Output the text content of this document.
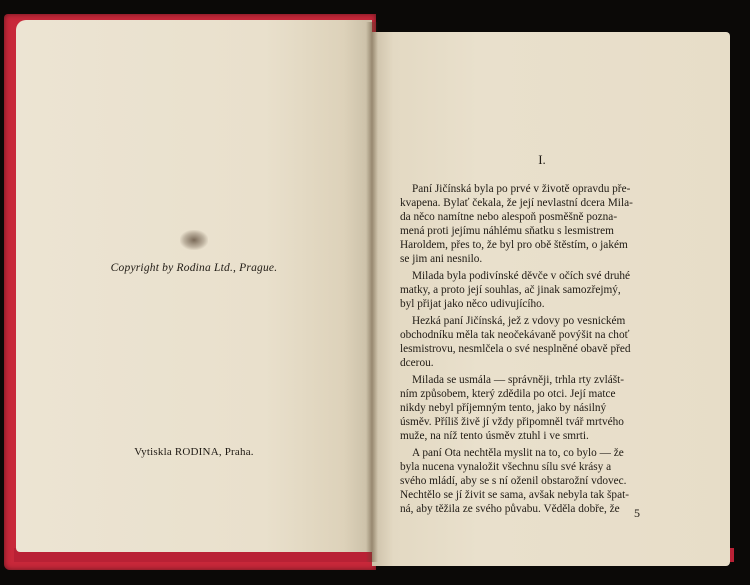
Copyright by Rodina Ltd., Prague.
Vytiskla RODINA, Praha.
I.
Paní Jičínská byla po prvé v životě opravdu pře-
kvapena. Bylať čekala, že její nevlastní dcera Mila-
da něco namítne nebo alespoň posměšně pozna-
mená proti jejímu náhlému sňatku s lesmistrem
Haroldem, přes to, že byl pro obě štěstím, o jakém
se jim ani nesnilo.
Milada byla podivínské děvče v očích své druhé
matky, a proto její souhlas, ač jinak samozřejmý,
byl přijat jako něco udivujícího.
Hezká paní Jičínská, jež z vdovy po vesnickém
obchodníku měla tak neočekávaně povýšit na choť
lesmistrovu, nesmlčela o své nesplněné obavě před
dcerou.
Milada se usmála — správněji, trhla rty zvlášt-
ním způsobem, který zdědila po otci. Její matce
nikdy nebyl příjemným tento, jako by násilný
úsměv. Příliš živě jí vždy připomněl tvář mrtvého
muže, na níž tento úsměv ztuhl i ve smrti.
A paní Ota nechtěla myslit na to, co bylo — že
byla nucena vynaložit všechnu sílu své krásy a
svého mládí, aby se s ní oženil obstarožní vdovec.
Nechtělo se jí živit se sama, avšak nebyla tak špat-
ná, aby těžila ze svého půvabu. Věděla dobře, že	5
